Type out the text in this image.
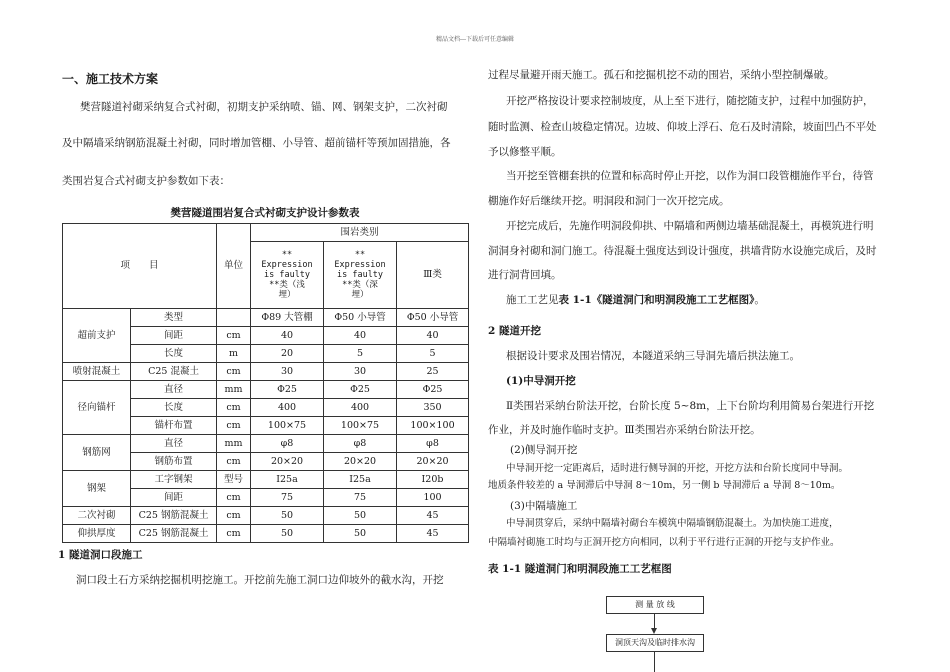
精品文档---下载后可任意编辑
一、施工技术方案
樊营隧道衬砌采纳复合式衬砌，初期支护采纳喷、锚、网、钢架支护，二次衬砌
及中隔墙采纳钢筋混凝土衬砌，同时增加管棚、小导管、超前锚杆等预加固措施，各
类围岩复合式衬砌支护参数如下表：
樊营隧道围岩复合式衬砌支护设计参数表
项　　目		单位	围岩类别		
			**
Expression
is faulty
**类（浅
埋）	**
Expression
is faulty
**类（深
埋）	Ⅲ类
超前支护	类型		Φ89 大管棚	Φ50 小导管	Φ50 小导管
	间距	cm	40	40	40
	长度	m	20	5	5
喷射混凝土	C25 混凝土	cm	30	30	25
径向锚杆	直径	mm	Φ25	Φ25	Φ25
	长度	cm	400	400	350
	锚杆布置	cm	100×75	100×75	100×100
钢筋网	直径	mm	φ8	φ8	φ8
	钢筋布置	cm	20×20	20×20	20×20
钢架	工字钢架	型号	I25a	I25a	I20b
	间距	cm	75	75	100
二次衬砌	C25 钢筋混凝土	cm	50	50	45
仰拱厚度	C25 钢筋混凝土	cm	50	50	45
1 隧道洞口段施工
洞口段土石方采纳挖掘机明挖施工。开挖前先施工洞口边仰坡外的截水沟，开挖
过程尽量避开雨天施工。孤石和挖掘机挖不动的围岩，采纳小型控制爆破。
开挖严格按设计要求控制坡度，从上至下进行，随挖随支护，过程中加强防护，
随时监测、检查山坡稳定情况。边坡、仰坡上浮石、危石及时清除，坡面凹凸不平处
予以修整平顺。
当开挖至管棚套拱的位置和标高时停止开挖，以作为洞口段管棚施作平台，待管
棚施作好后继续开挖。明洞段和洞门一次开挖完成。
开挖完成后，先施作明洞段仰拱、中隔墙和两侧边墙基础混凝土，再模筑进行明
洞洞身衬砌和洞门施工。待混凝土强度达到设计强度，拱墙背防水设施完成后，及时
进行洞背回填。
施工工艺见表 1-1《隧道洞门和明洞段施工工艺框图》。
2 隧道开挖
根据设计要求及围岩情况，本隧道采纳三导洞先墙后拱法施工。
(1)中导洞开挖
Ⅱ类围岩采纳台阶法开挖，台阶长度 5~8m，上下台阶均利用简易台架进行开挖
作业，并及时施作临时支护。Ⅲ类围岩亦采纳台阶法开挖。
(2)侧导洞开挖
中导洞开挖一定距离后，适时进行侧导洞的开挖，开挖方法和台阶长度同中导洞。
地质条件较差的 a 导洞滞后中导洞 8～10m，另一侧 b 导洞滞后 a 导洞 8～10m。
(3)中隔墙施工
中导洞贯穿后，采纳中隔墙衬砌台车模筑中隔墙钢筋混凝土。为加快施工进度，
中隔墙衬砌施工时均与正洞开挖方向相同，以利于平行进行正洞的开挖与支护作业。
表 1-1 隧道洞门和明洞段施工工艺框图
测 量 放 线
洞顶天沟及临时排水沟
